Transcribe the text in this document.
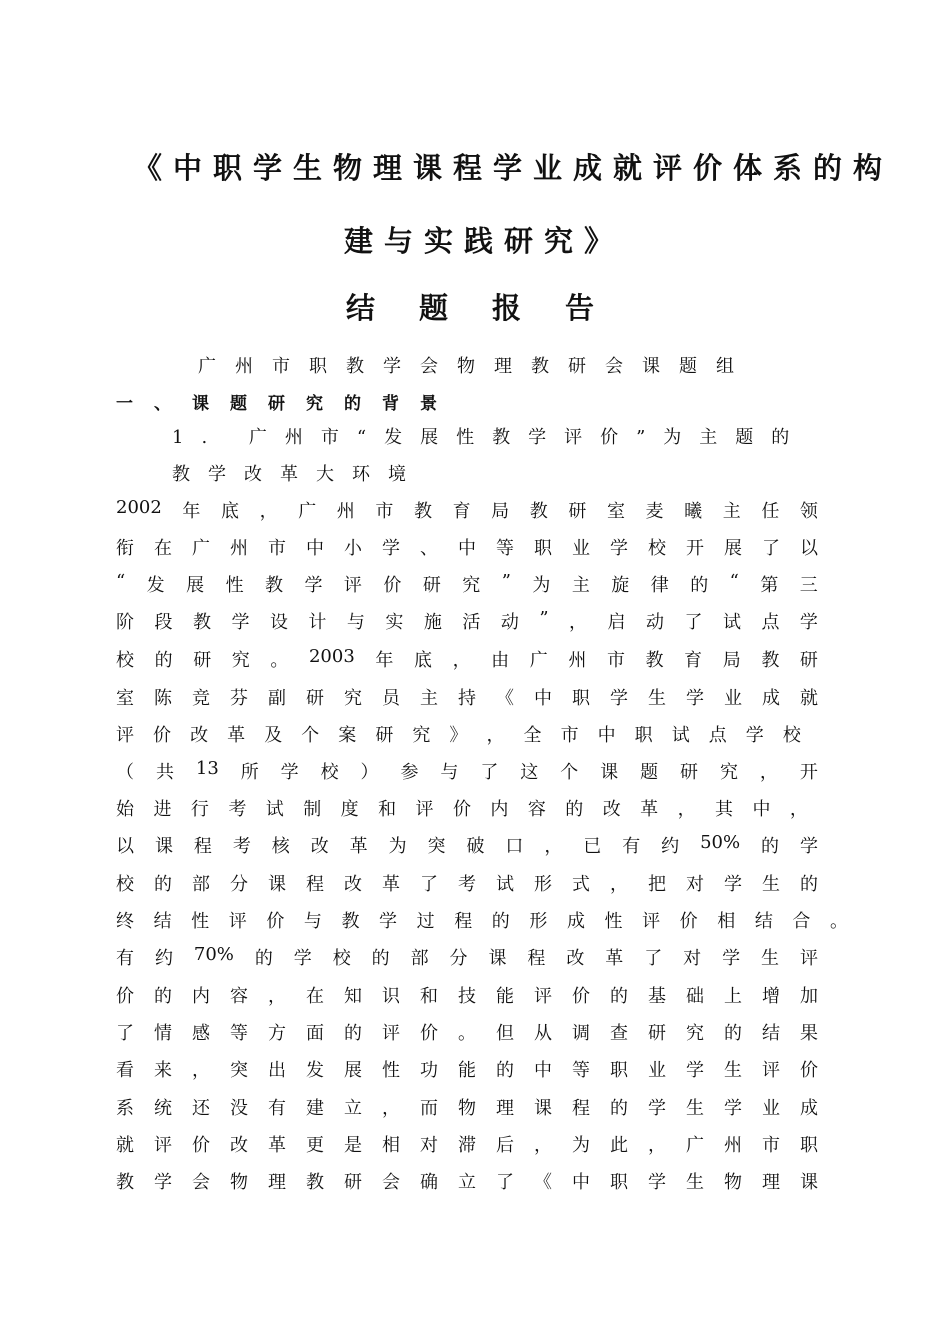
《中职学生物理课程学业成就评价体系的构
建与实践研究》
结题报告
广州市职教学会物理教研会课题组
一、课题研究的背景
1. 广州市“发展性教学评价”为主题的
教学改革大环境
2002 年 底 ， 广 州 市 教 育 局 教 研 室 麦 曦 主 任 领
衔 在 广 州 市 中 小 学 、 中 等 职 业 学 校 开 展 了 以
“ 发 展 性 教 学 评 价 研 究 ” 为 主 旋 律 的 “ 第 三
阶 段 教 学 设 计 与 实 施 活 动 ” ， 启 动 了 试 点 学
校 的 研 究 。 2003 年 底 ， 由 广 州 市 教 育 局 教 研
室 陈 竞 芬 副 研 究 员 主 持 《 中 职 学 生 学 业 成 就
评 价 改 革 及 个 案 研 究 》 ， 全 市 中 职 试 点 学 校
（ 共 13 所 学 校 ） 参 与 了 这 个 课 题 研 究 ， 开
始 进 行 考 试 制 度 和 评 价 内 容 的 改 革 ， 其 中 ，
以 课 程 考 核 改 革 为 突 破 口 ， 已 有 约 50% 的 学
校 的 部 分 课 程 改 革 了 考 试 形 式 ， 把 对 学 生 的
终 结 性 评 价 与 教 学 过 程 的 形 成 性 评 价 相 结 合 。
有 约 70% 的 学 校 的 部 分 课 程 改 革 了 对 学 生 评
价 的 内 容 ， 在 知 识 和 技 能 评 价 的 基 础 上 增 加
了 情 感 等 方 面 的 评 价 。 但 从 调 查 研 究 的 结 果
看 来 ， 突 出 发 展 性 功 能 的 中 等 职 业 学 生 评 价
系 统 还 没 有 建 立 ， 而 物 理 课 程 的 学 生 学 业 成
就 评 价 改 革 更 是 相 对 滞 后 ， 为 此 ， 广 州 市 职
教 学 会 物 理 教 研 会 确 立 了 《 中 职 学 生 物 理 课
